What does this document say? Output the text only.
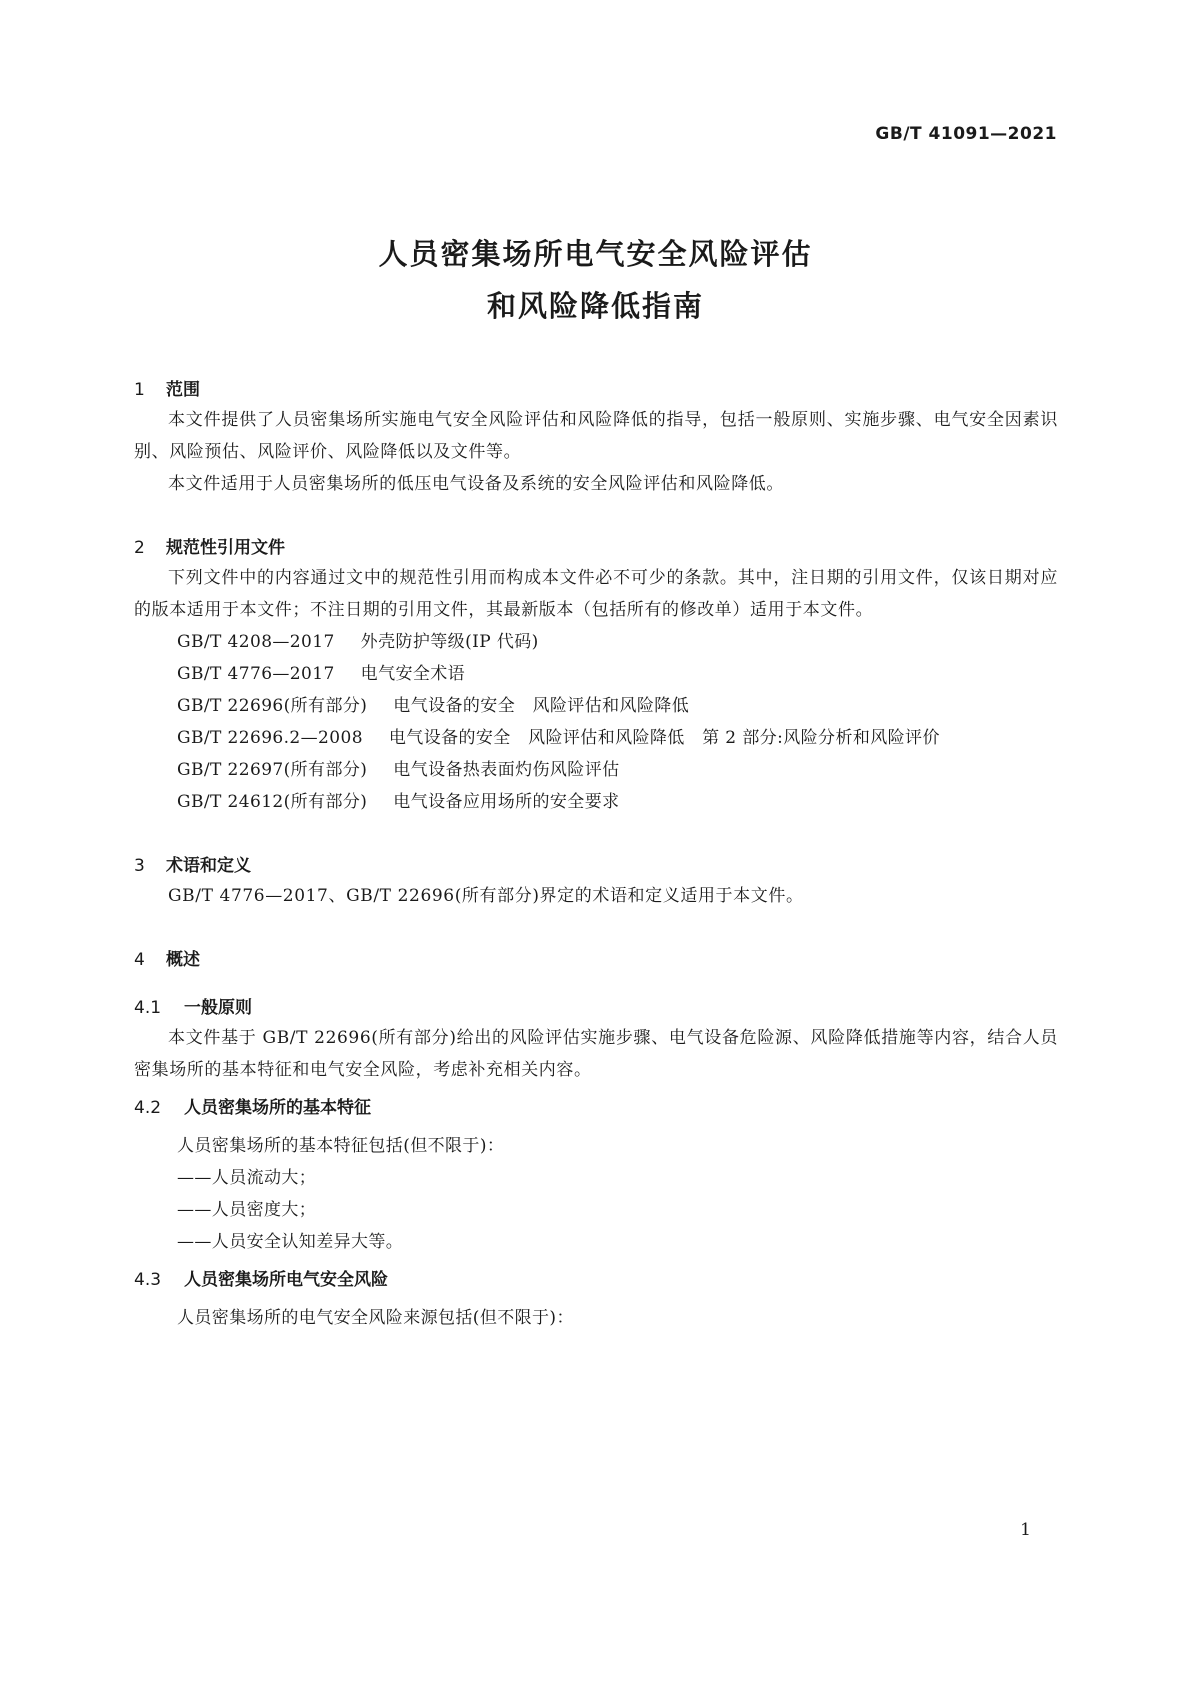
GB/T 41091—2021
人员密集场所电气安全风险评估
和风险降低指南
1	范围

本文件提供了人员密集场所实施电气安全风险评估和风险降低的指导，包括一般原则、实施步骤、电气安全因素识别、风险预估、风险评价、风险降低以及文件等。

本文件适用于人员密集场所的低压电气设备及系统的安全风险评估和风险降低。

2	规范性引用文件

下列文件中的内容通过文中的规范性引用而构成本文件必不可少的条款。其中，注日期的引用文件，仅该日期对应的版本适用于本文件；不注日期的引用文件，其最新版本（包括所有的修改单）适用于本文件。

GB/T 4208—2017 外壳防护等级(IP 代码)
GB/T 4776—2017 电气安全术语
GB/T 22696(所有部分) 电气设备的安全　风险评估和风险降低
GB/T 22696.2—2008 电气设备的安全　风险评估和风险降低　第 2 部分:风险分析和风险评价
GB/T 22697(所有部分) 电气设备热表面灼伤风险评估
GB/T 24612(所有部分) 电气设备应用场所的安全要求
3	术语和定义

GB/T 4776—2017、GB/T 22696(所有部分)界定的术语和定义适用于本文件。

4	概述
4.1	一般原则

本文件基于 GB/T 22696(所有部分)给出的风险评估实施步骤、电气设备危险源、风险降低措施等内容，结合人员密集场所的基本特征和电气安全风险，考虑补充相关内容。

4.2	人员密集场所的基本特征
人员密集场所的基本特征包括(但不限于)：
——人员流动大；
——人员密度大；
——人员安全认知差异大等。
4.3	人员密集场所电气安全风险
人员密集场所的电气安全风险来源包括(但不限于)：
1
